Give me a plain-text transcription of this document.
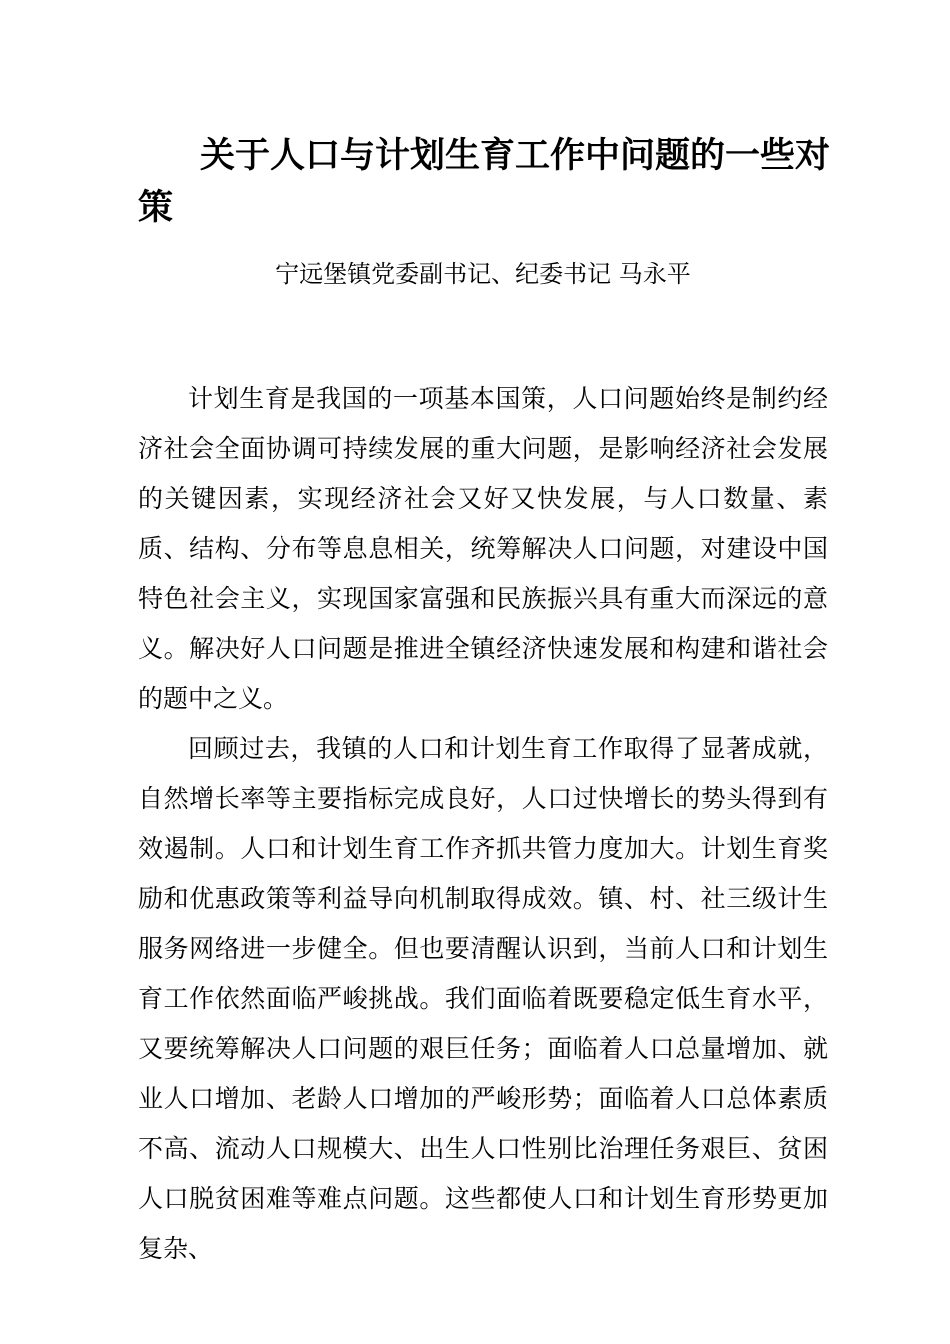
关于人口与计划生育工作中问题的一些对策

宁远堡镇党委副书记、纪委书记 马永平

计划生育是我国的一项基本国策，人口问题始终是制约经济社会全面协调可持续发展的重大问题，是影响经济社会发展的关键因素，实现经济社会又好又快发展，与人口数量、素质、结构、分布等息息相关，统筹解决人口问题，对建设中国特色社会主义，实现国家富强和民族振兴具有重大而深远的意义。解决好人口问题是推进全镇经济快速发展和构建和谐社会的题中之义。

回顾过去，我镇的人口和计划生育工作取得了显著成就，自然增长率等主要指标完成良好，人口过快增长的势头得到有效遏制。人口和计划生育工作齐抓共管力度加大。计划生育奖励和优惠政策等利益导向机制取得成效。镇、村、社三级计生服务网络进一步健全。但也要清醒认识到，当前人口和计划生育工作依然面临严峻挑战。我们面临着既要稳定低生育水平，又要统筹解决人口问题的艰巨任务；面临着人口总量增加、就业人口增加、老龄人口增加的严峻形势；面临着人口总体素质不高、流动人口规模大、出生人口性别比治理任务艰巨、贫困人口脱贫困难等难点问题。这些都使人口和计划生育形势更加复杂、
